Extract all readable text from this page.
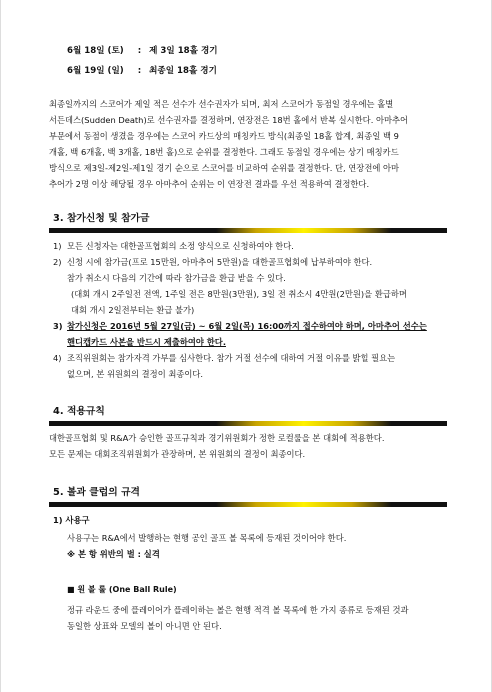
6월 18일 (토) : 제 3일 18홀 경기
6월 19일 (일) : 최종일 18홀 경기
최종일까지의 스코어가 제일 적은 선수가 선수권자가 되며, 최저 스코어가 동점일 경우에는 홀별
서든데스(Sudden Death)로 선수권자를 결정하며, 연장전은 18번 홀에서 반복 실시한다. 아마추어
부문에서 동점이 생겼을 경우에는 스코어 카드상의 매칭카드 방식(최종일 18홀 합계, 최종일 백 9
개홀, 백 6개홀, 백 3개홀, 18번 홀)으로 순위를 결정한다. 그래도 동점일 경우에는 상기 매칭카드
방식으로 제3일-제2일-제1일 경기 순으로 스코어를 비교하여 순위를 결정한다. 단, 연장전에 아마
추어가 2명 이상 해당될 경우 아마추어 순위는 이 연장전 결과를 우선 적용하여 결정한다.
3. 참가신청 및 참가금
1) 모든 신청자는 대한골프협회의 소정 양식으로 신청하여야 한다.
2) 신청 시에 참가금(프로 15만원, 아마추어 5만원)을 대한골프협회에 납부하여야 한다.
참가 취소시 다음의 기간에 따라 참가금을 환급 받을 수 있다.
(대회 개시 2주일전 전액, 1주일 전은 8만원(3만원), 3일 전 취소시 4만원(2만원)을 환급하며
대회 개시 2일전부터는 환급 불가)
3) 참가신청은 2016년 5월 27일(금) ~ 6월 2일(목) 16:00까지 접수하여야 하며, 아마추어 선수는
핸디캡카드 사본을 반드시 제출하여야 한다.
4) 조직위원회는 참가자격 가부를 심사한다. 참가 거절 선수에 대하여 거절 이유를 밝힐 필요는
없으며, 본 위원회의 결정이 최종이다.
4. 적용규칙
대한골프협회 및 R&A가 승인한 골프규칙과 경기위원회가 정한 로컬룰을 본 대회에 적용한다.
모든 문제는 대회조직위원회가 관장하며, 본 위원회의 결정이 최종이다.
5. 볼과 클럽의 규격
1) 사용구
사용구는 R&A에서 발행하는 현행 공인 골프 볼 목록에 등재된 것이어야 한다.
※ 본 항 위반의 벌 : 실격
■ 원 볼 룰 (One Ball Rule)
정규 라운드 중에 플레이어가 플레이하는 볼은 현행 적격 볼 목록에 한 가지 종류로 등재된 것과
동일한 상표와 모델의 볼이 아니면 안 된다.
